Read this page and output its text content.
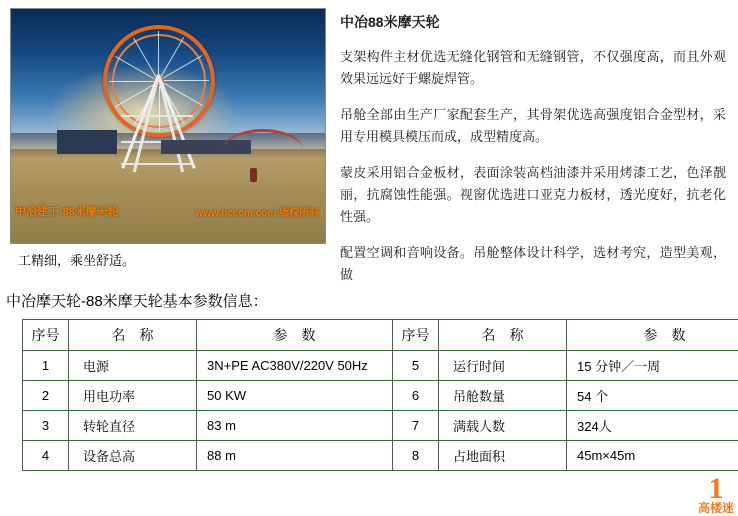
中冶建工·88米摩天轮	www.hcccm.com 版权所有
工精细，乘坐舒适。
中冶88米摩天轮

支架构件主材优选无缝化钢管和无缝钢管，不仅强度高，而且外观效果远远好于螺旋焊管。

吊舱全部由生产厂家配套生产，其骨架优选高强度铝合金型材，采用专用模具模压而成，成型精度高。

蒙皮采用铝合金板材，表面涂装高档油漆并采用烤漆工艺，色泽靓丽，抗腐蚀性能强。视窗优选进口亚克力板材，透光度好，抗老化性强。

配置空调和音响设备。吊舱整体设计科学，选材考究，造型美观，做

中冶摩天轮-88米摩天轮基本参数信息：
序号	名　称	参　数	序号	名　称	参　数
1	电源	3N+PE AC380V/220V 50Hz	5	运行时间	15 分钟／一周
2	用电功率	50 KW	6	吊舱数量	54 个
3	转轮直径	83 m	7	满载人数	324人
4	设备总高	88 m	8	占地面积	45m×45m
1
高楼迷
